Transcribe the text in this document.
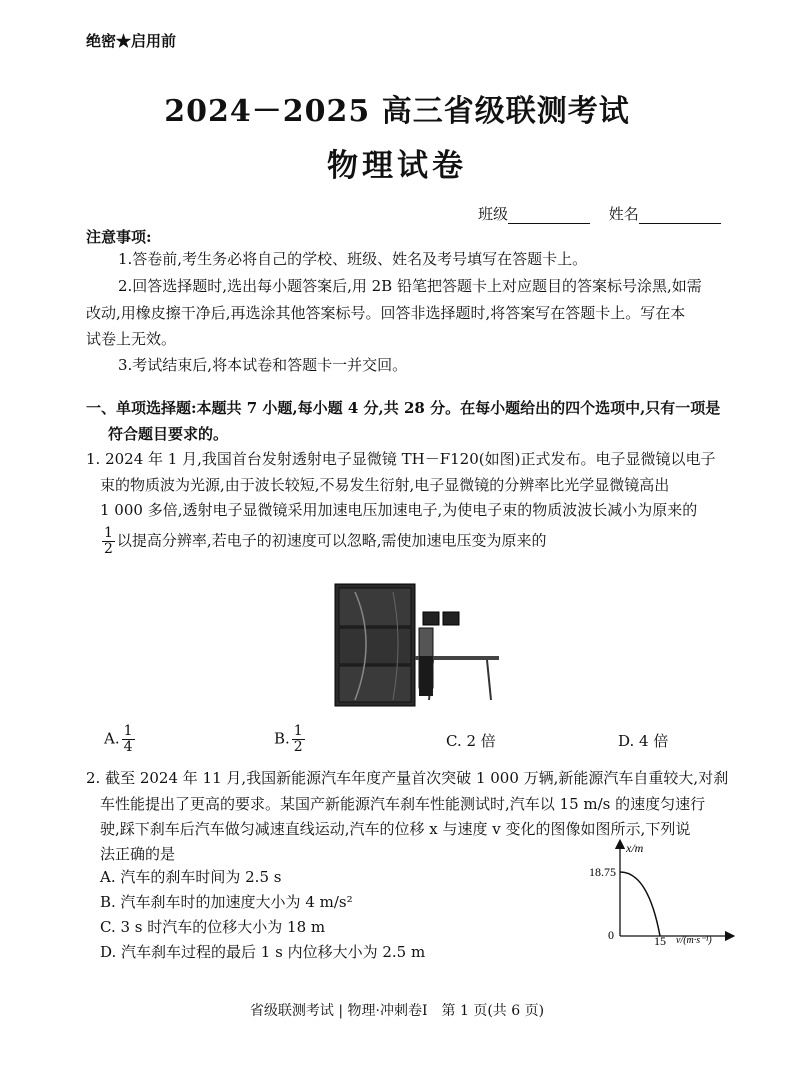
绝密★启用前
2024－2025 高三省级联测考试
物理试卷
班级	姓名
注意事项:
1.答卷前,考生务必将自己的学校、班级、姓名及考号填写在答题卡上。
2.回答选择题时,选出每小题答案后,用 2B 铅笔把答题卡上对应题目的答案标号涂黑,如需
改动,用橡皮擦干净后,再选涂其他答案标号。回答非选择题时,将答案写在答题卡上。写在本
试卷上无效。
3.考试结束后,将本试卷和答题卡一并交回。
一、单项选择题:本题共 7 小题,每小题 4 分,共 28 分。在每小题给出的四个选项中,只有一项是
符合题目要求的。
1. 2024 年 1 月,我国首台发射透射电子显微镜 TH－F120(如图)正式发布。电子显微镜以电子
束的物质波为光源,由于波长较短,不易发生衍射,电子显微镜的分辨率比光学显微镜高出
1 000 多倍,透射电子显微镜采用加速电压加速电子,为使电子束的物质波波长减小为原来的
$\frac{1}{2}$ 以提高分辨率,若电子的初速度可以忽略,需使加速电压变为原来的
A. $\frac{1}{4}$	B. $\frac{1}{2}$	C. 2 倍	D. 4 倍
2. 截至 2024 年 11 月,我国新能源汽车年度产量首次突破 1 000 万辆,新能源汽车自重较大,对刹
车性能提出了更高的要求。某国产新能源汽车刹车性能测试时,汽车以 15 m/s 的速度匀速行
驶,踩下刹车后汽车做匀减速直线运动,汽车的位移 x 与速度 v 变化的图像如图所示,下列说
法正确的是
A. 汽车的刹车时间为 2.5 s
B. 汽车刹车时的加速度大小为 4 m/s²
C. 3 s 时汽车的位移大小为 18 m
D. 汽车刹车过程的最后 1 s 内位移大小为 2.5 m
x/m
18.75
0	15 v/(m·s⁻¹)
省级联测考试 | 物理·冲刺卷Ⅰ　第 1 页(共 6 页)
